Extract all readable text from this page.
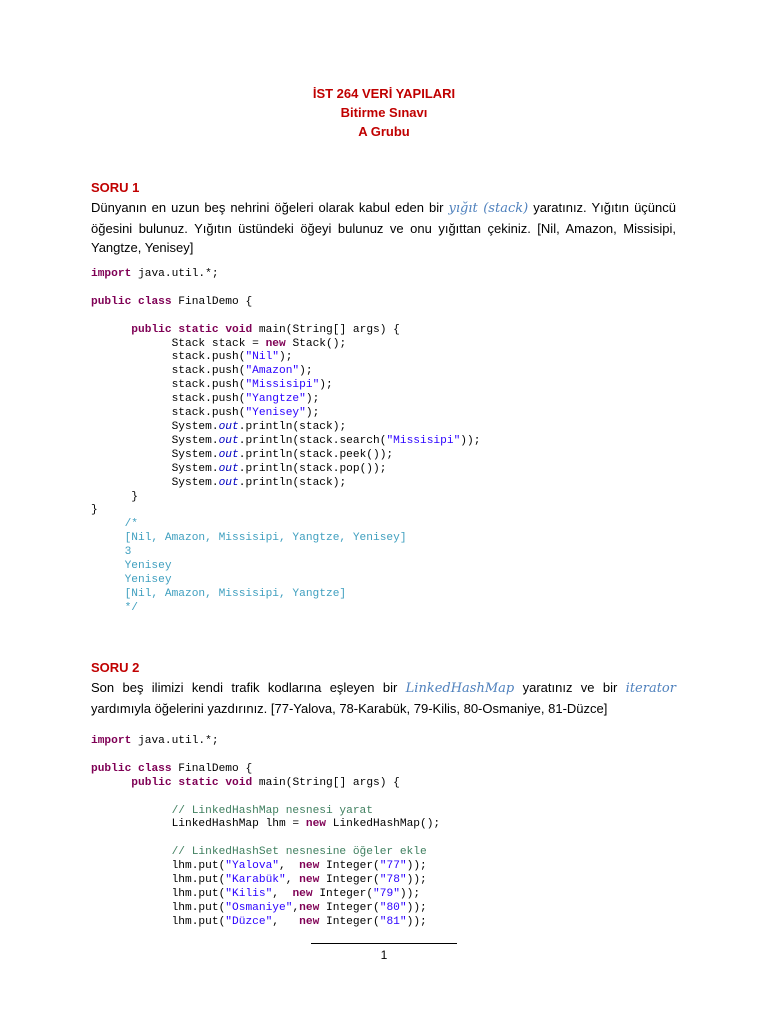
İST 264 VERİ YAPILARI
Bitirme Sınavı
A Grubu
SORU 1
Dünyanın en uzun beş nehrini öğeleri olarak kabul eden bir yığıt (stack) yaratınız. Yığıtın üçüncü öğesini bulunuz. Yığıtın üstündeki öğeyi bulunuz ve onu yığıttan çekiniz. [Nil, Amazon, Missisipi, Yangtze, Yenisey]
import java.util.*;

public class FinalDemo {

public static void main(String[] args) {
Stack stack = new Stack();
stack.push("Nil");
stack.push("Amazon");
stack.push("Missisipi");
stack.push("Yangtze");
stack.push("Yenisey");
System.out.println(stack);
System.out.println(stack.search("Missisipi"));
System.out.println(stack.peek());
System.out.println(stack.pop());
System.out.println(stack);
}
}
/*
[Nil, Amazon, Missisipi, Yangtze, Yenisey]
3
Yenisey
Yenisey
[Nil, Amazon, Missisipi, Yangtze]
*/
SORU 2
Son beş ilimizi kendi trafik kodlarına eşleyen bir LinkedHashMap yaratınız ve bir iterator yardımıyla öğelerini yazdırınız. [77-Yalova, 78-Karabük, 79-Kilis, 80-Osmaniye, 81-Düzce]
import java.util.*;

public class FinalDemo {
public static void main(String[] args) {

// LinkedHashMap nesnesi yarat
LinkedHashMap lhm = new LinkedHashMap();

// LinkedHashSet nesnesine öğeler ekle
lhm.put("Yalova",  new Integer("77"));
lhm.put("Karabük", new Integer("78"));
lhm.put("Kilis",  new Integer("79"));
lhm.put("Osmaniye",new Integer("80"));
lhm.put("Düzce",   new Integer("81"));
1
